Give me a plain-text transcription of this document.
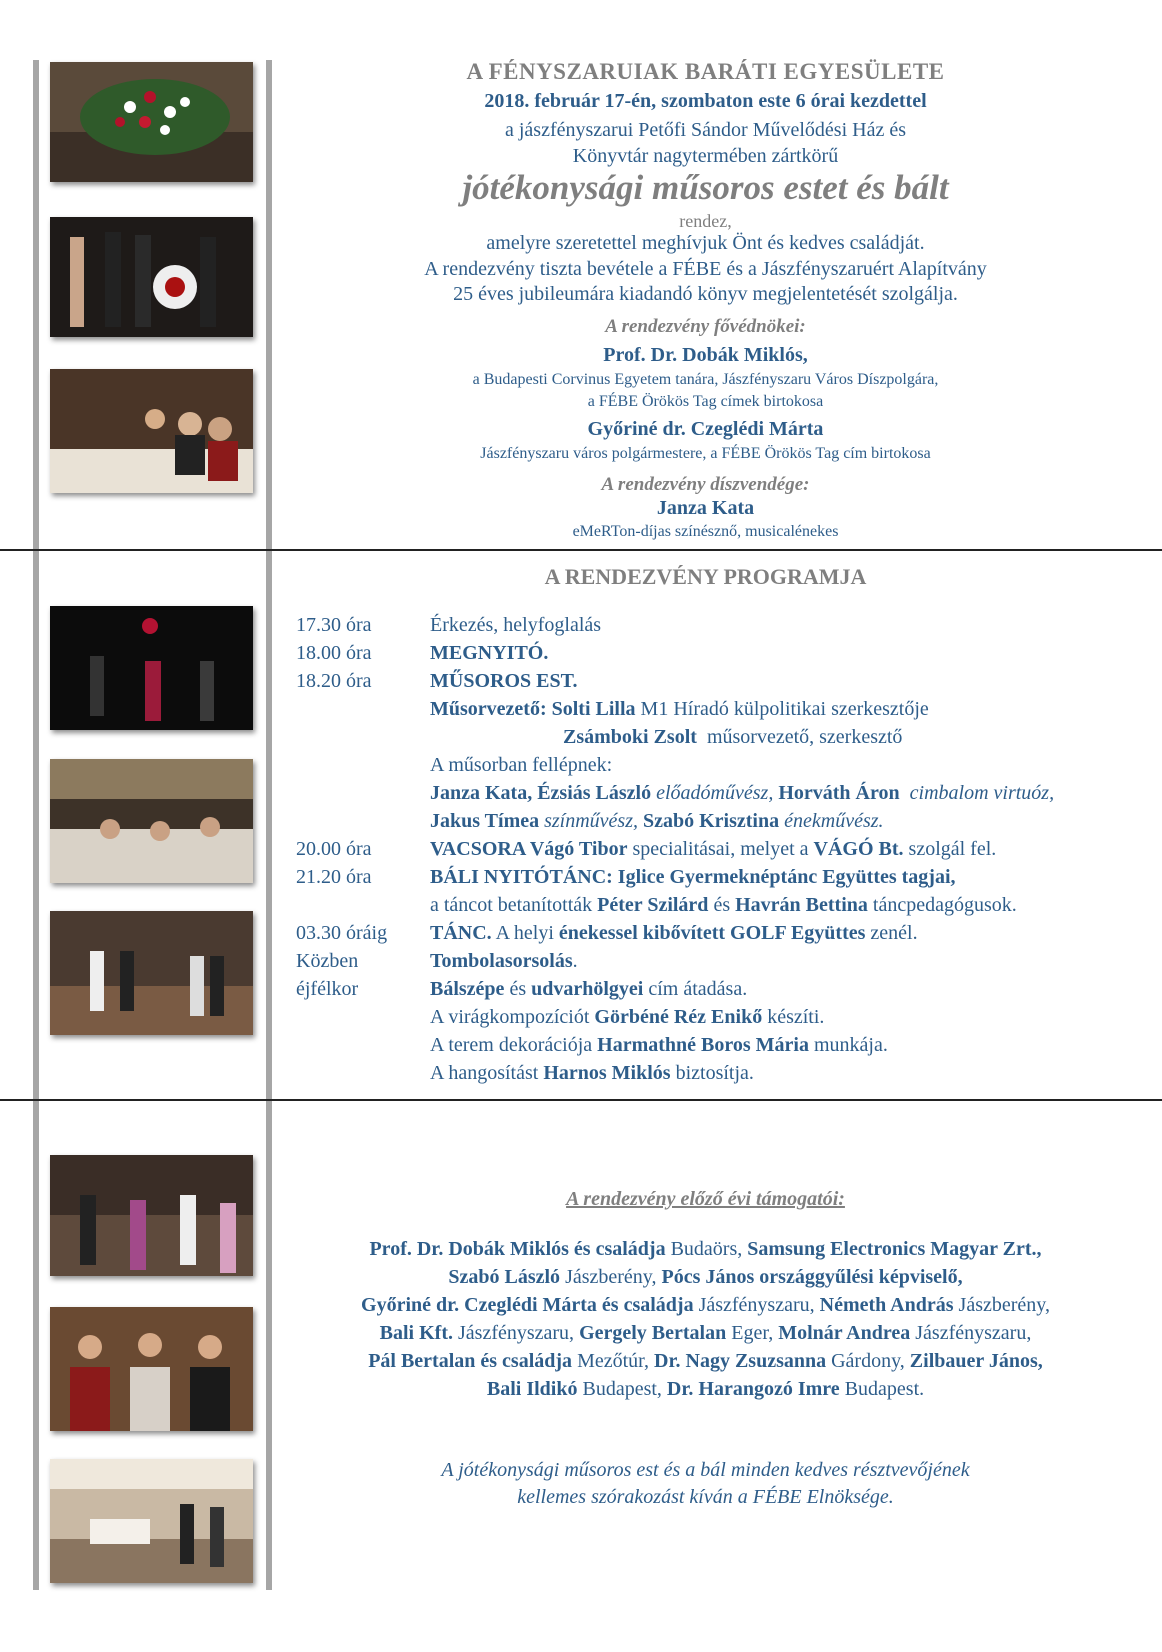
A FÉNYSZARUIAK BARÁTI EGYESÜLETE
2018. február 17-én, szombaton este 6 órai kezdettel
a jászfényszarui Petőfi Sándor Művelődési Ház és
Könyvtár nagytermében zártkörű
jótékonysági műsoros estet és bált
rendez,
amelyre szeretettel meghívjuk Önt és kedves családját.
A rendezvény tiszta bevétele a FÉBE és a Jászfényszaruért Alapítvány
25 éves jubileumára kiadandó könyv megjelentetését szolgálja.
A rendezvény fővédnökei:
Prof. Dr. Dobák Miklós,
a Budapesti Corvinus Egyetem tanára, Jászfényszaru Város Díszpolgára,
a FÉBE Örökös Tag címek birtokosa
Győriné dr. Czeglédi Márta
Jászfényszaru város polgármestere, a FÉBE Örökös Tag cím birtokosa
A rendezvény díszvendége:
Janza Kata
eMeRTon-díjas színésznő, musicalénekes
A RENDEZVÉNY PROGRAMJA
17.30 óra	Érkezés, helyfoglalás
18.00 óra	MEGNYITÓ.
18.20 óra	MŰSOROS EST.
Műsorvezető: Solti Lilla M1 Híradó külpolitikai szerkesztője
Zsámboki Zsolt műsorvezető, szerkesztő
A műsorban fellépnek:
Janza Kata, Ézsiás László előadóművész, Horváth Áron cimbalom virtuóz,
Jakus Tímea színművész, Szabó Krisztina énekművész.
20.00 óra	VACSORA Vágó Tibor specialitásai, melyet a VÁGÓ Bt. szolgál fel.
21.20 óra	BÁLI NYITÓTÁNC: Iglice Gyermeknéptánc Együttes tagjai,
a táncot betanították Péter Szilárd és Havrán Bettina táncpedagógusok.
03.30 óráig TÁNC. A helyi énekessel kibővített GOLF Együttes zenél.
Közben	Tombolasorsolás.
éjfélkor	Bálszépe és udvarhölgyei cím átadása.
A virágkompozíciót Görbéné Réz Enikő készíti.
A terem dekorációja Harmathné Boros Mária munkája.
A hangosítást Harnos Miklós biztosítja.
A rendezvény előző évi támogatói:
Prof. Dr. Dobák Miklós és családja Budaörs, Samsung Electronics Magyar Zrt.,
Szabó László Jászberény, Pócs János országgyűlési képviselő,
Győriné dr. Czeglédi Márta és családja Jászfényszaru, Németh András Jászberény,
Bali Kft. Jászfényszaru, Gergely Bertalan Eger, Molnár Andrea Jászfényszaru,
Pál Bertalan és családja Mezőtúr, Dr. Nagy Zsuzsanna Gárdony, Zilbauer János,
Bali Ildikó Budapest, Dr. Harangozó Imre Budapest.
A jótékonysági műsoros est és a bál minden kedves résztvevőjének
kellemes szórakozást kíván a FÉBE Elnöksége.
